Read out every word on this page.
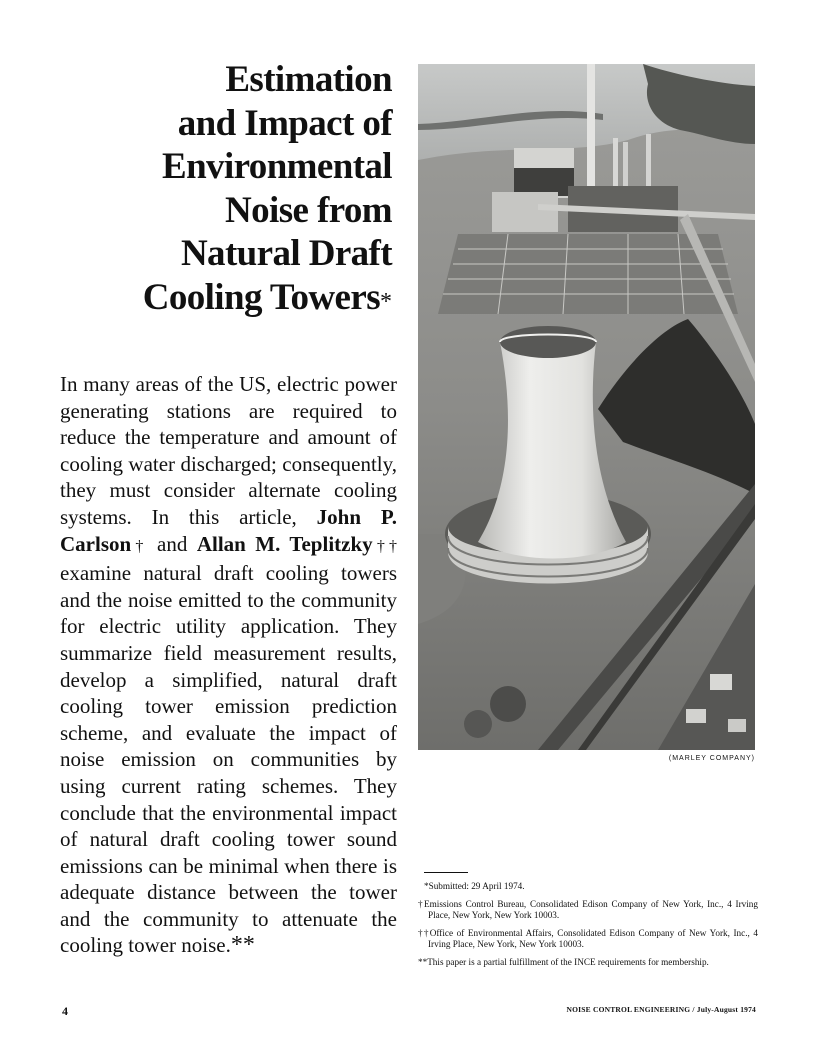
Estimation
and Impact of
Environmental
Noise from
Natural Draft
Cooling Towers*
In many areas of the US, electric power generating stations are required to reduce the temperature and amount of cooling water discharged; consequently, they must consider alternate cooling systems. In this article, John P. Carlson† and Allan M. Teplitzky†† examine natural draft cooling towers and the noise emitted to the community for electric utility application. They summarize field measurement results, develop a simplified, natural draft cooling tower emission prediction scheme, and evaluate the impact of noise emission on communities by using current rating schemes. They conclude that the environmental impact of natural draft cooling tower sound emissions can be minimal when there is adequate distance between the tower and the community to attenuate the cooling tower noise.**
(MARLEY COMPANY)

*Submitted: 29 April 1974.

†Emissions Control Bureau, Consolidated Edison Company of New York, Inc., 4 Irving Place, New York, New York 10003.

††Office of Environmental Affairs, Consolidated Edison Company of New York, Inc., 4 Irving Place, New York, New York 10003.

**This paper is a partial fulfillment of the INCE requirements for membership.

4	NOISE CONTROL ENGINEERING / July-August 1974
